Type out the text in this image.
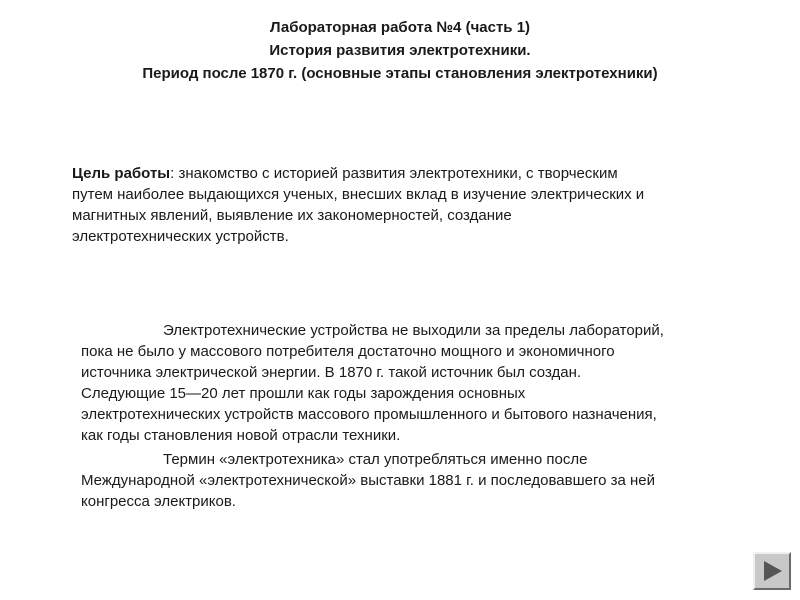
Лабораторная работа №4 (часть 1)
История развития электротехники.
Период после 1870 г. (основные этапы становления электротехники)
Цель работы: знакомство с историей развития электротехники, с творческим
путем наиболее выдающихся ученых, внесших вклад в изучение электрических и
магнитных явлений, выявление их закономерностей, создание
электротехнических устройств.
Электротехнические устройства не выходили за пределы лабораторий,
пока не было у массового потребителя достаточно мощного и экономичного
источника электрической энергии. В 1870 г. такой источник был создан.
Следующие 15—20 лет прошли как годы зарождения основных
электротехнических устройств массового промышленного и бытового назначения,
как годы становления новой отрасли техники.
Термин «электротехника» стал употребляться именно после
Международной «электротехнической» выставки 1881 г. и последовавшего за ней
конгресса электриков.
